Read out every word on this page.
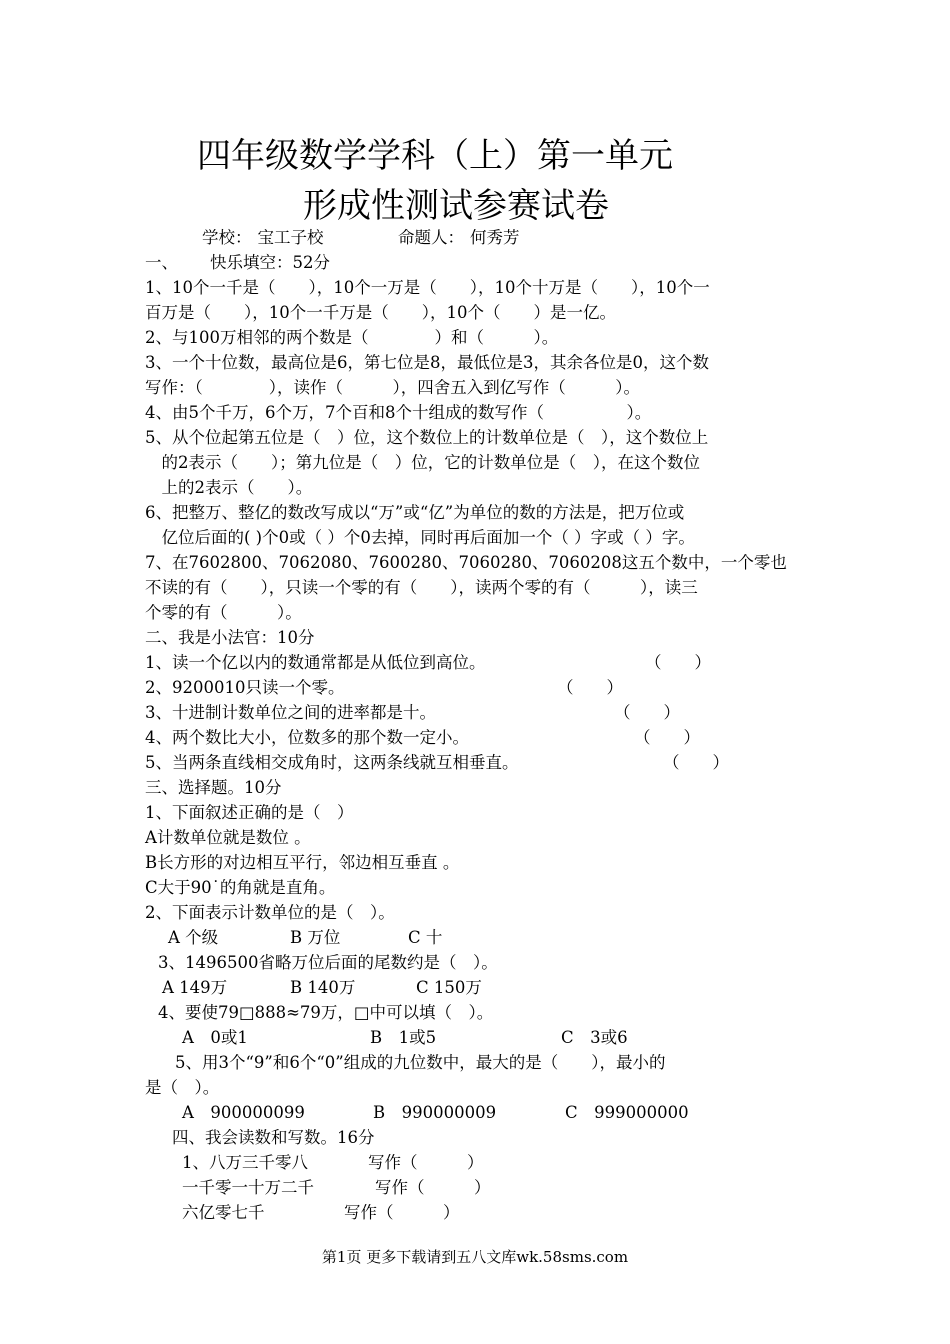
四年级数学学科（上）第一单元
形成性测试参赛试卷
学校： 宝工子校	命题人： 何秀芳
一、 快乐填空：52分
1、10个一千是（　　），10个一万是（　　），10个十万是（　　），10个一
百万是（　　），10个一千万是（　　），10个（　　）是一亿。
2、与100万相邻的两个数是（　　　　）和（　　　）。
3、一个十位数，最高位是6，第七位是8，最低位是3，其余各位是0，这个数
写作：（　　　　），读作（　　　），四舍五入到亿写作（　　　）。
4、由5个千万，6个万，7个百和8个十组成的数写作（　　　　　）。
5、从个位起第五位是（　）位，这个数位上的计数单位是（　），这个数位上
　的2表示（　　）；第九位是（　）位，它的计数单位是（　），在这个数位
　上的2表示（　　）。
6、把整万、整亿的数改写成以“万”或“亿”为单位的数的方法是，把万位或
　亿位后面的( )个0或（ ）个0去掉，同时再后面加一个（ ）字或（ ）字。
7、在7602800、7062080、7600280、7060280、7060208这五个数中，一个零也
不读的有（　　），只读一个零的有（　　），读两个零的有（　　　），读三
个零的有（　　　）。
二、我是小法官：10分
1、读一个亿以内的数通常都是从低位到高位。	（　　）
2、9200010只读一个零。	（　　）
3、十进制计数单位之间的进率都是十。	（　　）
4、两个数比大小，位数多的那个数一定小。	（　　）
5、当两条直线相交成角时，这两条线就互相垂直。	（　　）
三、选择题。10分
1、下面叙述正确的是（　）
A计数单位就是数位 。
B长方形的对边相互平行，邻边相互垂直 。
C大于90˙的角就是直角。
2、下面表示计数单位的是（　）。
A 个级	B 万位	C 十
3、1496500省略万位后面的尾数约是（　）。
A 149万	B 140万	C 150万
4、要使79□888≈79万，□中可以填（　）。
A　0或1	B　1或5	C　3或6
5、用3个“9”和6个“0”组成的九位数中，最大的是（　　），最小的
是（　）。
A　900000099	B　990000009	C　999000000
四、我会读数和写数。16分
1、八万三千零八	写作（　　　）
一千零一十万二千	写作（　　　）
六亿零七千	写作（　　　）
第1页 更多下载请到五八文库wk.58sms.com
